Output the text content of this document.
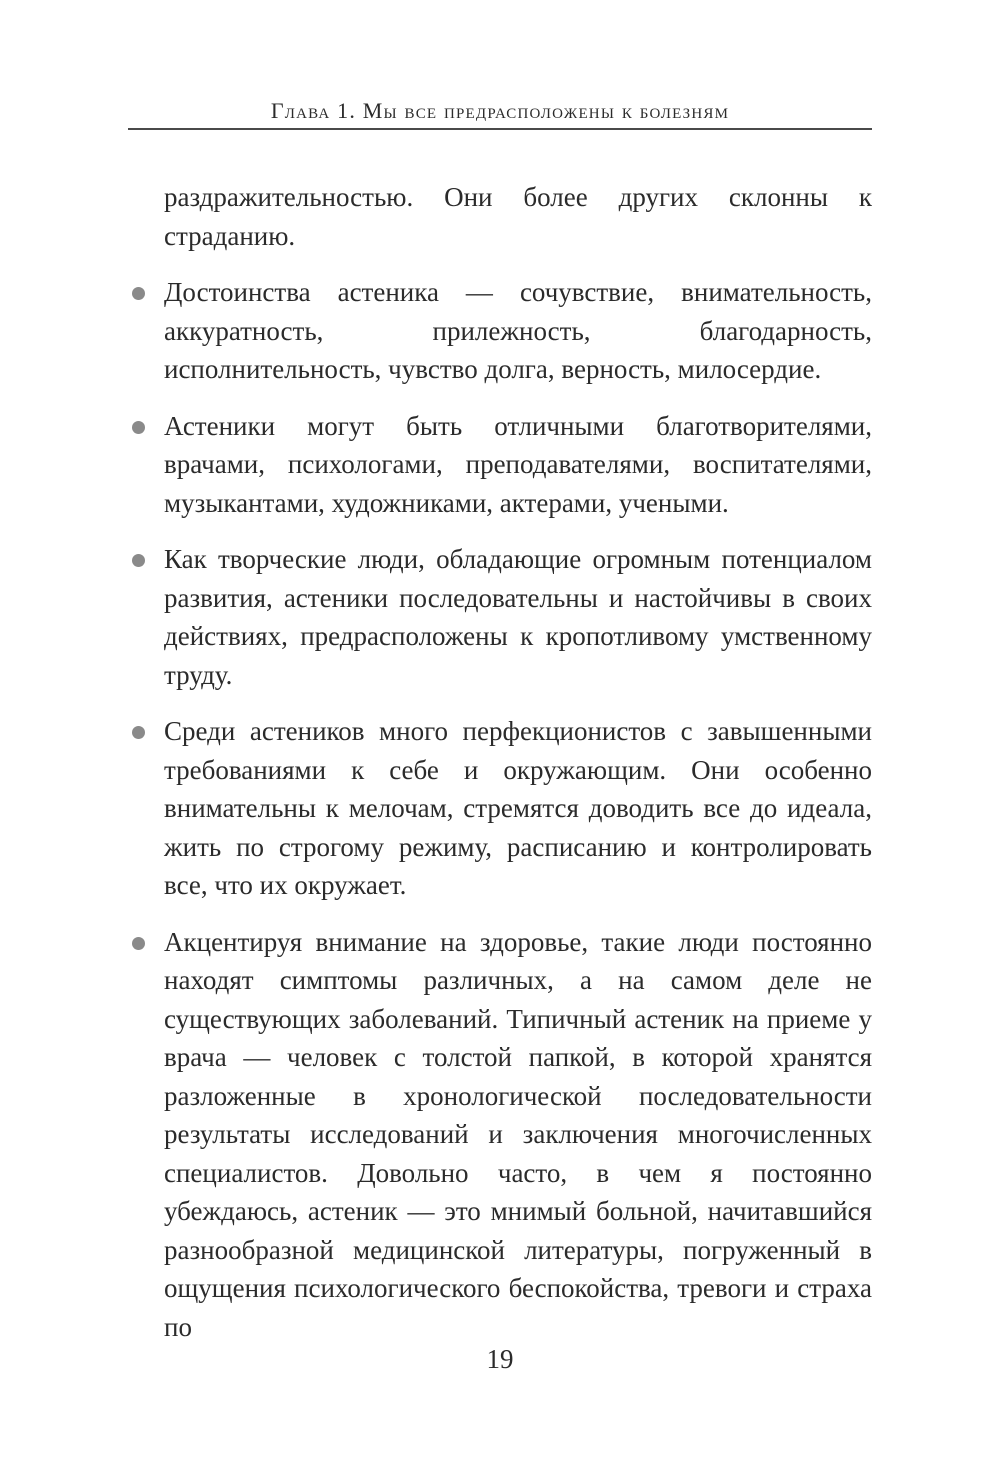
Глава 1. Мы все предрасположены к болезням

раздражительностью. Они более других склонны к страданию.

Достоинства астеника — сочувствие, внимательность, аккуратность, прилежность, благодарность, исполнительность, чувство долга, верность, милосердие.
Астеники могут быть отличными благотворителями, врачами, психологами, преподавателями, воспитателями, музыкантами, художниками, актерами, учеными.
Как творческие люди, обладающие огромным потенциалом развития, астеники последовательны и настойчивы в своих действиях, предрасположены к кропотливому умственному труду.
Среди астеников много перфекционистов с завышенными требованиями к себе и окружающим. Они особенно внимательны к мелочам, стремятся доводить все до идеала, жить по строгому режиму, расписанию и контролировать все, что их окружает.
Акцентируя внимание на здоровье, такие люди постоянно находят симптомы различных, а на самом деле не существующих заболеваний. Типичный астеник на приеме у врача — человек с толстой папкой, в которой хранятся разложенные в хронологической последовательности результаты исследований и заключения многочисленных специалистов. Довольно часто, в чем я постоянно убеждаюсь, астеник — это мнимый больной, начитавшийся разнообразной медицинской литературы, погруженный в ощущения психологического беспокойства, тревоги и страха по
19
